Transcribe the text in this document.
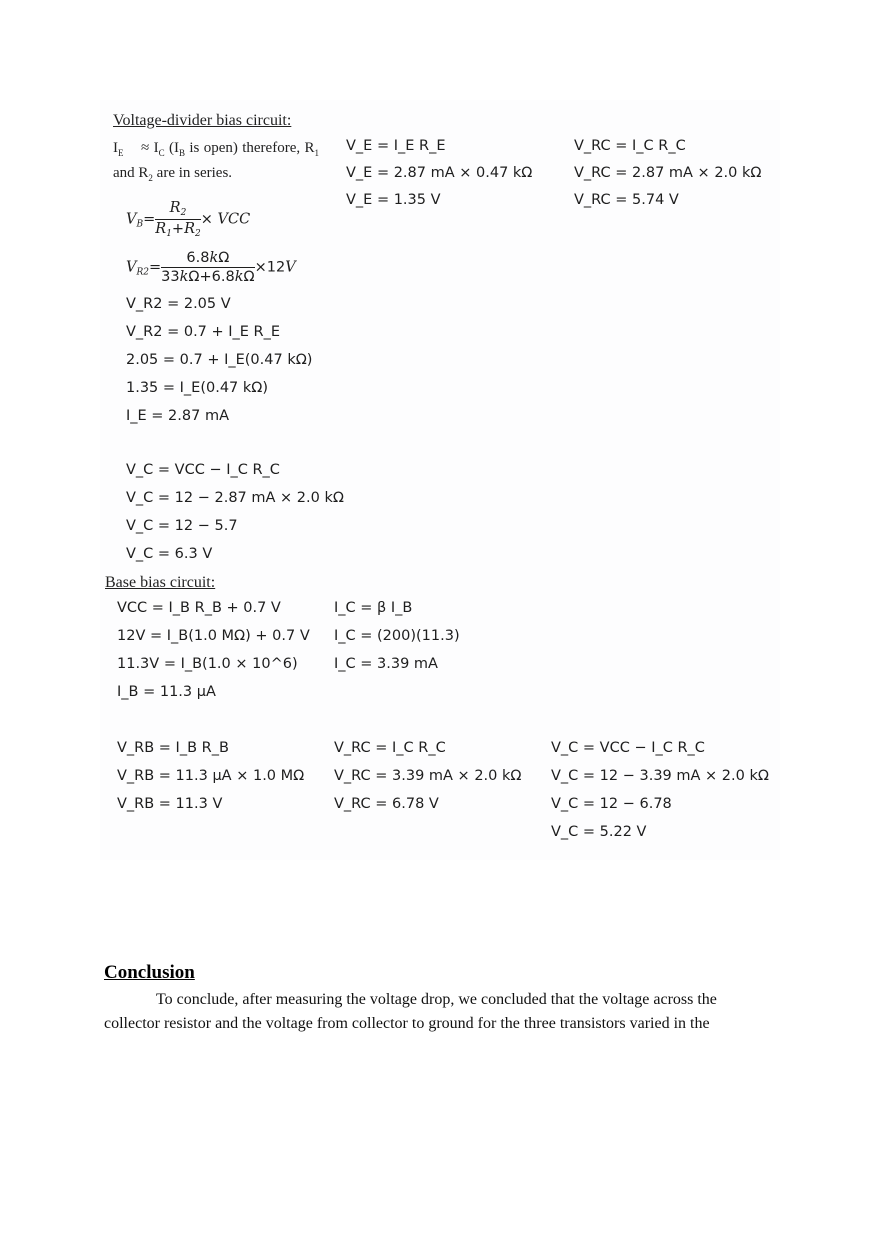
Voltage-divider bias circuit:
$I_E$    ≈ $I_C$ ($I_B$ is open) therefore, $R_1$ and $R_2$ are in series.
$V_B= \frac{R_2}{R_1+R_2}$ × VCC
$V_{R2}= \frac{6.8k\Omega}{33k\Omega+6.8k\Omega} \times 12V$
V_R2 = 2.05 V
V_R2 = 0.7 + I_E R_E
2.05 = 0.7 + I_E(0.47 kΩ)
1.35 = I_E(0.47 kΩ)
I_E = 2.87 mA
V_C = VCC − I_C R_C
V_C = 12 − 2.87 mA × 2.0 kΩ
V_C = 12 − 5.7
V_C = 6.3 V
V_E = I_E R_E
V_E = 2.87 mA × 0.47 kΩ
V_E = 1.35 V
V_RC = I_C R_C
V_RC = 2.87 mA × 2.0 kΩ
V_RC = 5.74 V
Base bias circuit:
VCC = I_B R_B + 0.7 V
12V = I_B(1.0 MΩ) + 0.7 V
11.3V = I_B(1.0 × 10^6)
I_B = 11.3 µA
I_C = β I_B
I_C = (200)(11.3)
I_C = 3.39 mA
V_RB = I_B R_B
V_RB = 11.3 µA × 1.0 MΩ
V_RB = 11.3 V
V_RC = I_C R_C
V_RC = 3.39 mA × 2.0 kΩ
V_RC = 6.78 V
V_C = VCC − I_C R_C
V_C = 12 − 3.39 mA × 2.0 kΩ
V_C = 12 − 6.78
V_C = 5.22 V
Conclusion
To conclude, after measuring the voltage drop, we concluded that the voltage across the collector resistor and the voltage from collector to ground for the three transistors varied in the
